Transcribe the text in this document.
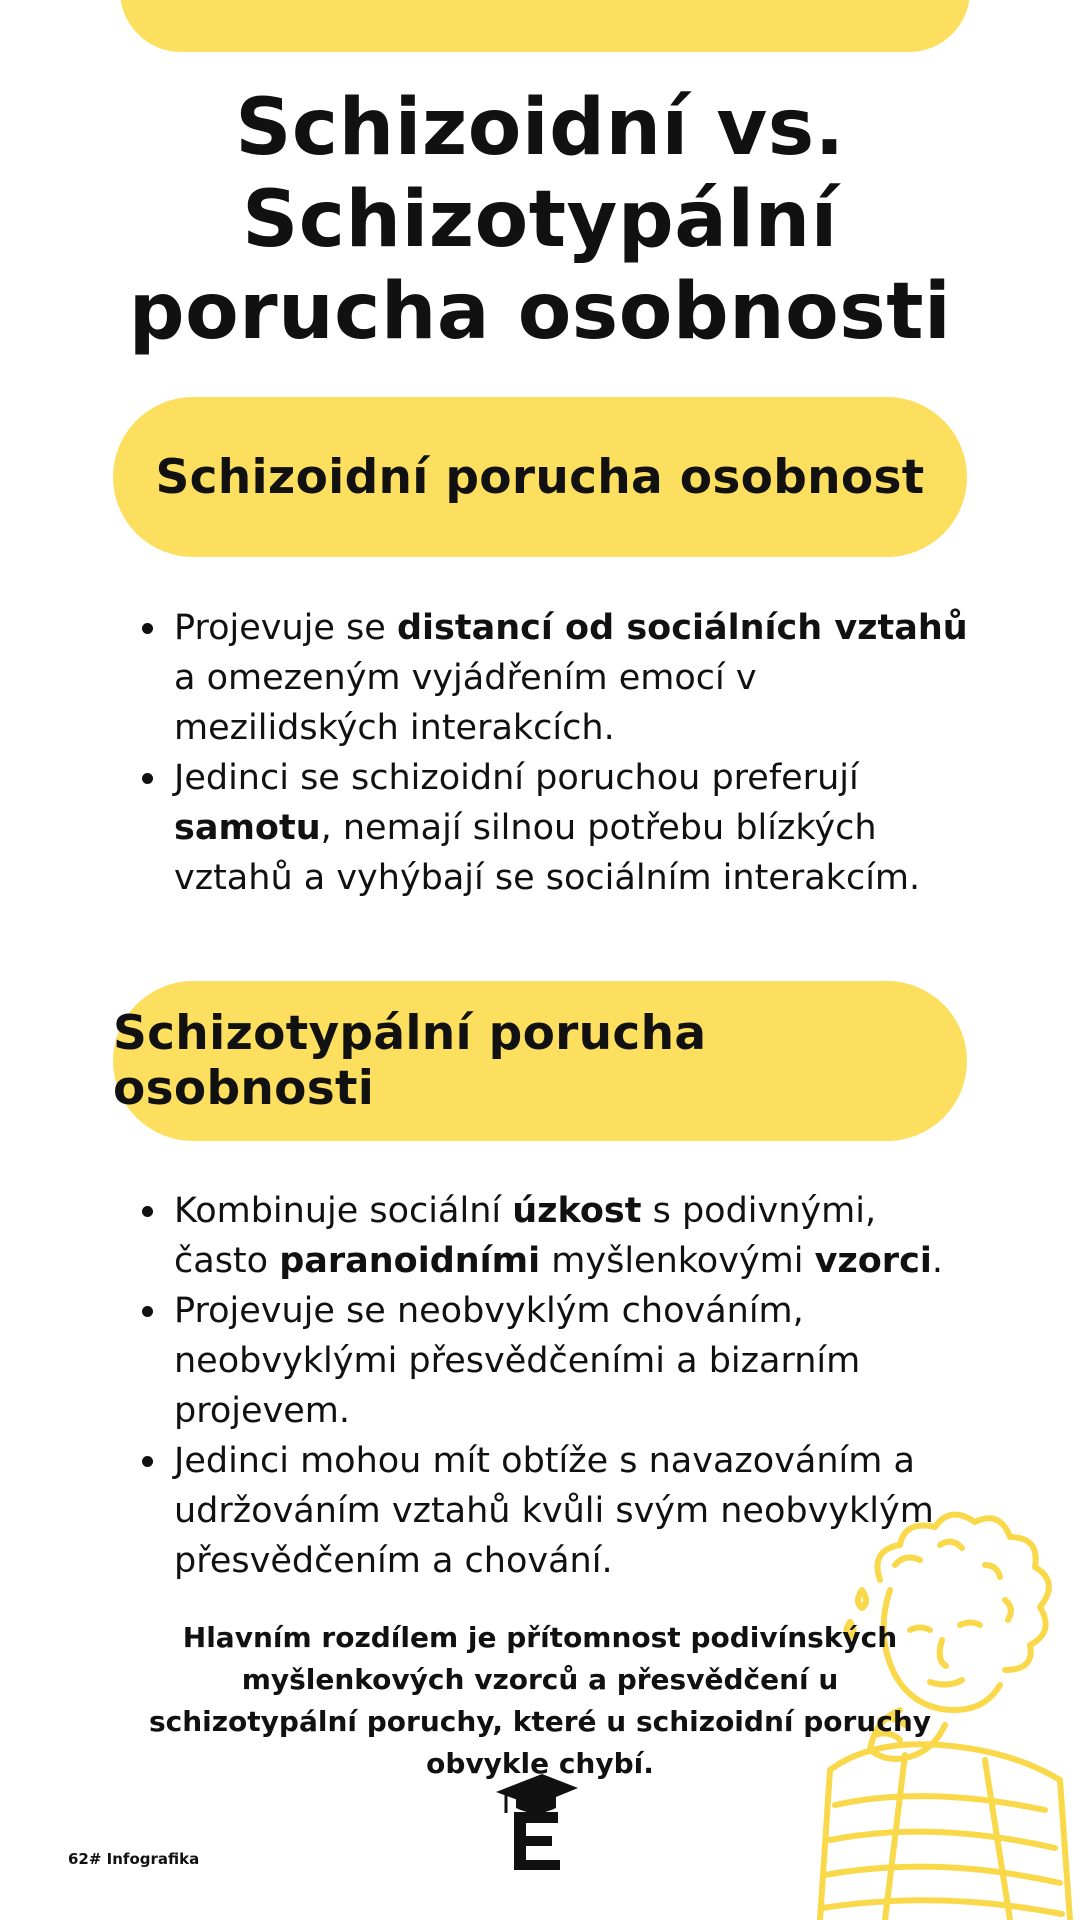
Schizoidní vs.
Schizotypální
porucha osobnosti
Schizoidní porucha osobnost
Projevuje se distancí od sociálních vztahů a omezeným vyjádřením emocí v mezilidských interakcích.
Jedinci se schizoidní poruchou preferují samotu, nemají silnou potřebu blízkých vztahů a vyhýbají se sociálním interakcím.
Schizotypální porucha osobnosti
Kombinuje sociální úzkost s podivnými, často paranoidními myšlenkovými vzorci.
Projevuje se neobvyklým chováním, neobvyklými přesvědčeními a bizarním projevem.
Jedinci mohou mít obtíže s navazováním a udržováním vztahů kvůli svým neobvyklým přesvědčením a chování.

Hlavním rozdílem je přítomnost podivínských myšlenkových vzorců a přesvědčení u schizotypální poruchy, které u schizoidní poruchy obvykle chybí.

62# Infografika
